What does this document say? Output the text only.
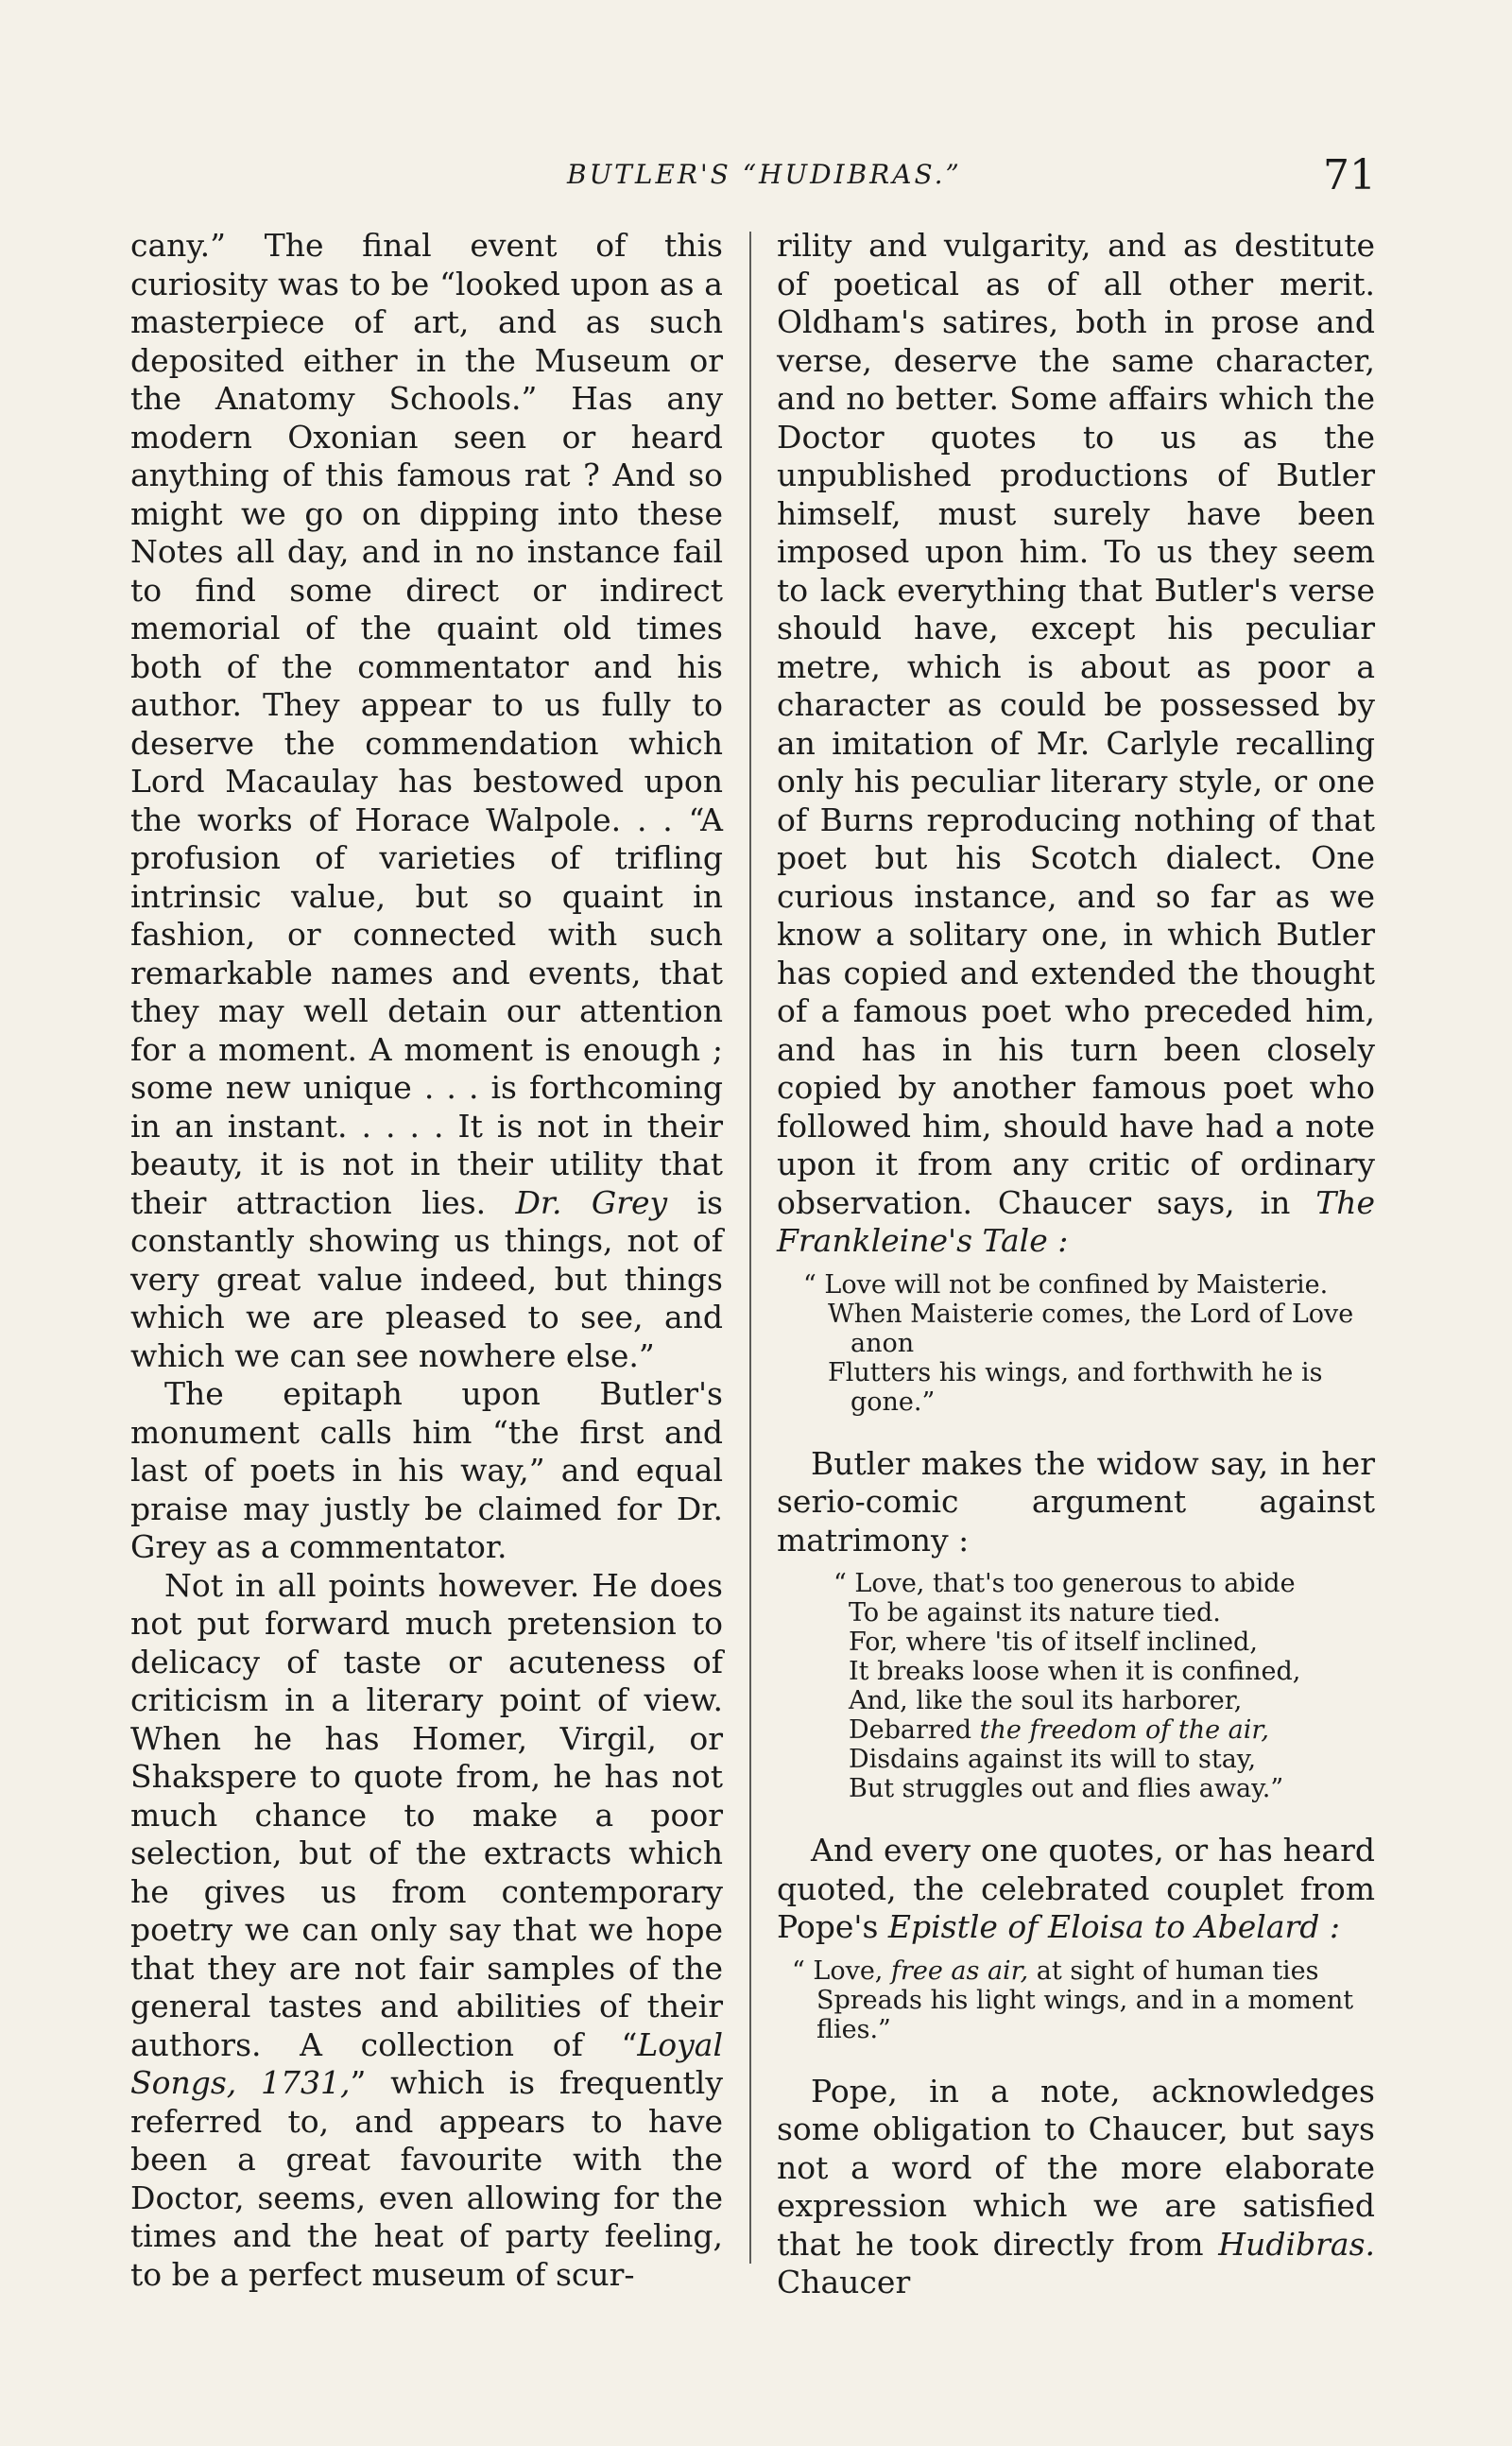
BUTLER'S “HUDIBRAS.”	71

cany.” The final event of this curiosity was to be “looked upon as a masterpiece of art, and as such deposited either in the Museum or the Anatomy Schools.” Has any modern Oxonian seen or heard anything of this famous rat ? And so might we go on dipping into these Notes all day, and in no instance fail to find some direct or indirect memorial of the quaint old times both of the commentator and his author. They appear to us fully to deserve the commendation which Lord Macaulay has bestowed upon the works of Horace Walpole. . . “A profusion of varieties of trifling intrinsic value, but so quaint in fashion, or connected with such remarkable names and events, that they may well detain our attention for a moment. A moment is enough ; some new unique . . . is forthcoming in an instant. . . . . It is not in their beauty, it is not in their utility that their attraction lies. Dr. Grey is constantly showing us things, not of very great value indeed, but things which we are pleased to see, and which we can see nowhere else.”

The epitaph upon Butler's monument calls him “the first and last of poets in his way,” and equal praise may justly be claimed for Dr. Grey as a commentator.

Not in all points however. He does not put forward much pretension to delicacy of taste or acuteness of criticism in a literary point of view. When he has Homer, Virgil, or Shakspere to quote from, he has not much chance to make a poor selection, but of the extracts which he gives us from contemporary poetry we can only say that we hope that they are not fair samples of the general tastes and abilities of their authors. A collection of “Loyal Songs, 1731,” which is frequently referred to, and appears to have been a great favourite with the Doctor, seems, even allowing for the times and the heat of party feeling, to be a perfect museum of scur-

rility and vulgarity, and as destitute of poetical as of all other merit. Oldham's satires, both in prose and verse, deserve the same character, and no better. Some affairs which the Doctor quotes to us as the unpublished productions of Butler himself, must surely have been imposed upon him. To us they seem to lack everything that Butler's verse should have, except his peculiar metre, which is about as poor a character as could be possessed by an imitation of Mr. Carlyle recalling only his peculiar literary style, or one of Burns reproducing nothing of that poet but his Scotch dialect. One curious instance, and so far as we know a solitary one, in which Butler has copied and extended the thought of a famous poet who preceded him, and has in his turn been closely copied by another famous poet who followed him, should have had a note upon it from any critic of ordinary observation. Chaucer says, in The Frankleine's Tale :

“ Love will not be confined by Maisterie.
When Maisterie comes, the Lord of Love
anon
Flutters his wings, and forthwith he is
gone.”

Butler makes the widow say, in her serio-comic argument against matrimony :

“ Love, that's too generous to abide
To be against its nature tied.
For, where 'tis of itself inclined,
It breaks loose when it is confined,
And, like the soul its harborer,
Debarred the freedom of the air,
Disdains against its will to stay,
But struggles out and flies away.”

And every one quotes, or has heard quoted, the celebrated couplet from Pope's Epistle of Eloisa to Abelard :

“ Love, free as air, at sight of human ties
Spreads his light wings, and in a moment
flies.”

Pope, in a note, acknowledges some obligation to Chaucer, but says not a word of the more elaborate expression which we are satisfied that he took directly from Hudibras. Chaucer
